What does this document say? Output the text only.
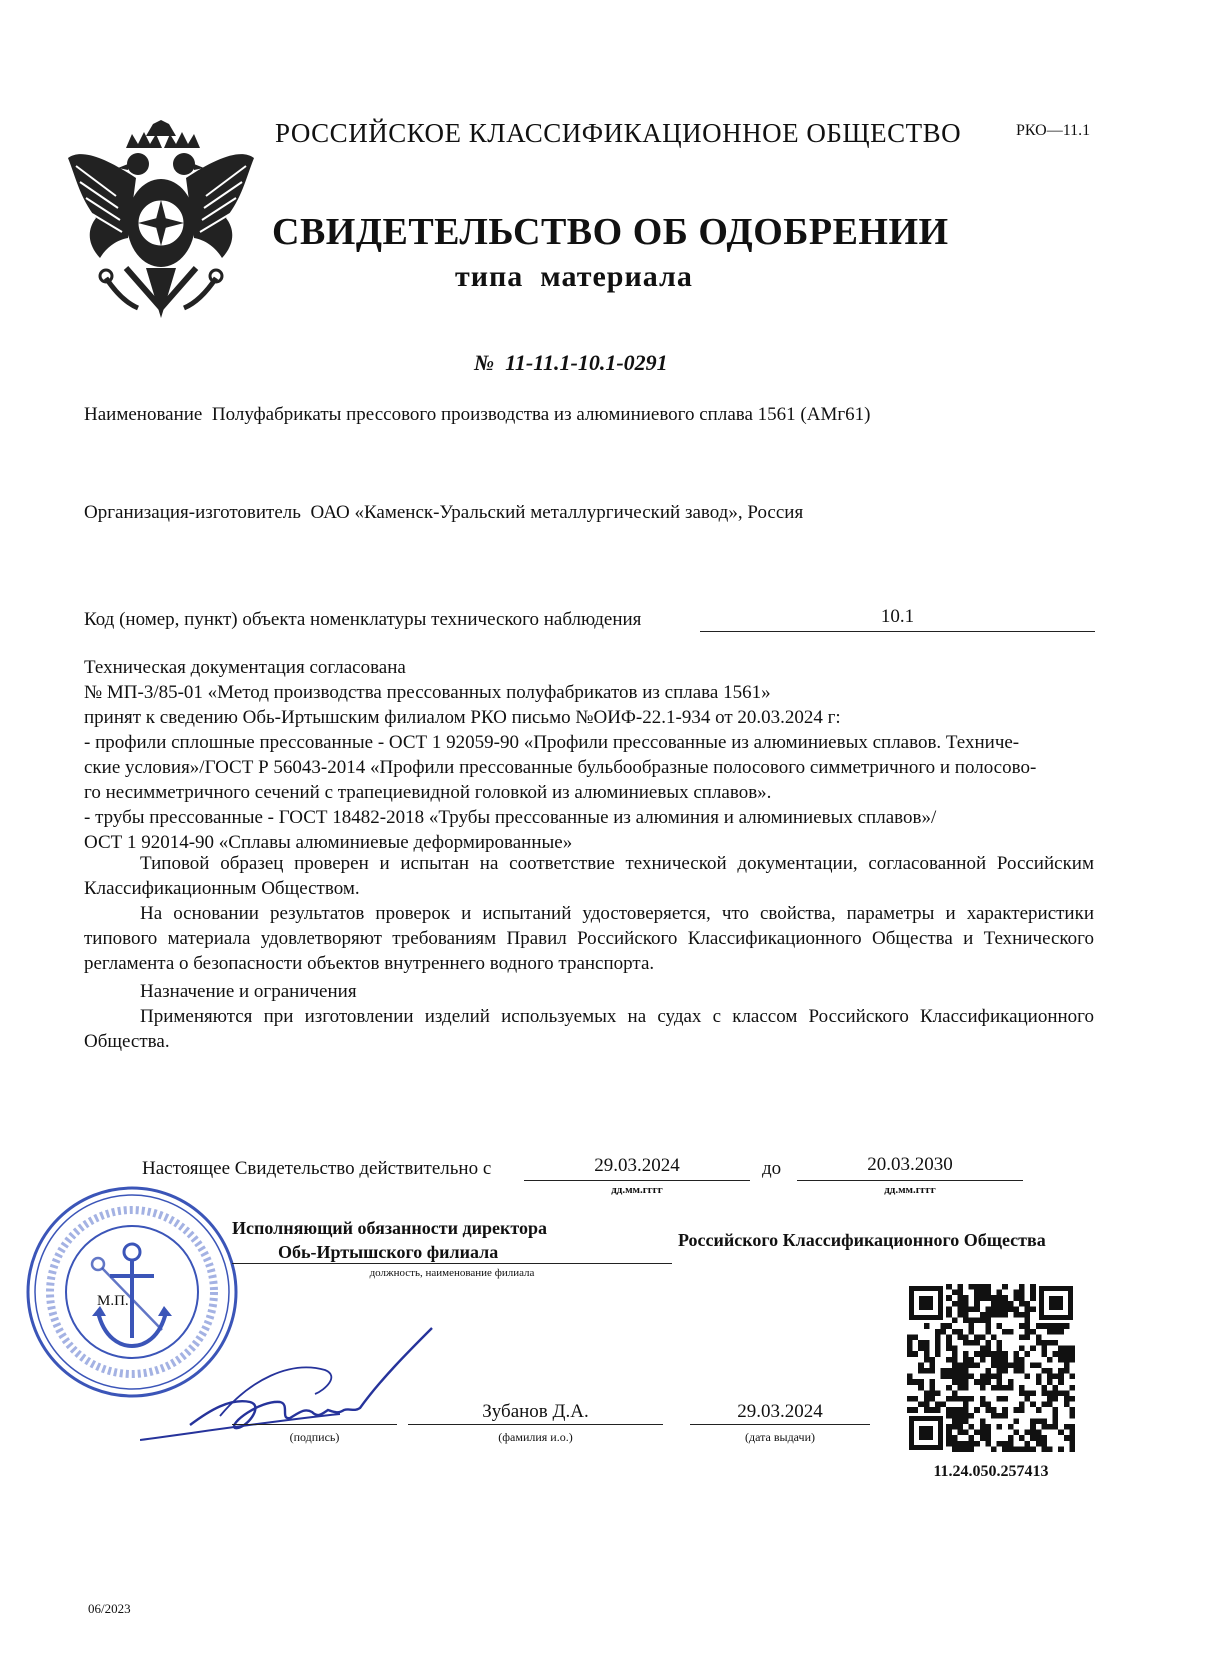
РОССИЙСКОЕ КЛАССИФИКАЦИОННОЕ ОБЩЕСТВО	РКО—11.1
СВИДЕТЕЛЬСТВО ОБ ОДОБРЕНИИ
типа  материала
№  11-11.1-10.1-0291
Наименование Полуфабрикаты прессового производства из алюминиевого сплава 1561 (АМг61)
Организация-изготовитель ОАО «Каменск-Уральский металлургический завод», Россия
Код (номер, пункт) объекта номенклатуры технического наблюдения	10.1
Техническая документация согласована
№ МП-3/85-01 «Метод производства прессованных полуфабрикатов из сплава 1561»
принят к сведению Обь-Иртышским филиалом РКО письмо №ОИФ-22.1-934 от 20.03.2024 г:
- профили сплошные прессованные - ОСТ 1 92059-90 «Профили прессованные из алюминиевых сплавов. Техниче-
ские условия»/ГОСТ Р 56043-2014 «Профили прессованные бульбообразные полосового симметричного и полосово-
го несимметричного сечений с трапециевидной головкой из алюминиевых сплавов».
- трубы прессованные - ГОСТ 18482-2018 «Трубы прессованные из алюминия и алюминиевых сплавов»/
ОСТ 1 92014-90 «Сплавы алюминиевые деформированные»
Типовой образец проверен и испытан на соответствие технической документации, согласованной Российским Классификационным Обществом.
На основании результатов проверок и испытаний удостоверяется, что свойства, параметры и характеристики типового материала удовлетворяют требованиям Правил Российского Классификационного Общества и Технического регламента о безопасности объектов внутреннего водного транспорта.
Назначение и ограничения
Применяются при изготовлении изделий используемых на судах с классом Российского Классификационного Общества.
Настоящее Свидетельство действительно с	29.03.2024
дд.мм.гггг
до	20.03.2030
дд.мм.гггг
М.П.
Исполняющий обязанности директора
Обь-Иртышского филиала
должность, наименование филиала
Российского Классификационного Общества
(подпись)
Зубанов Д.А.
(фамилия и.о.)
29.03.2024
(дата выдачи)
11.24.050.257413
06/2023
